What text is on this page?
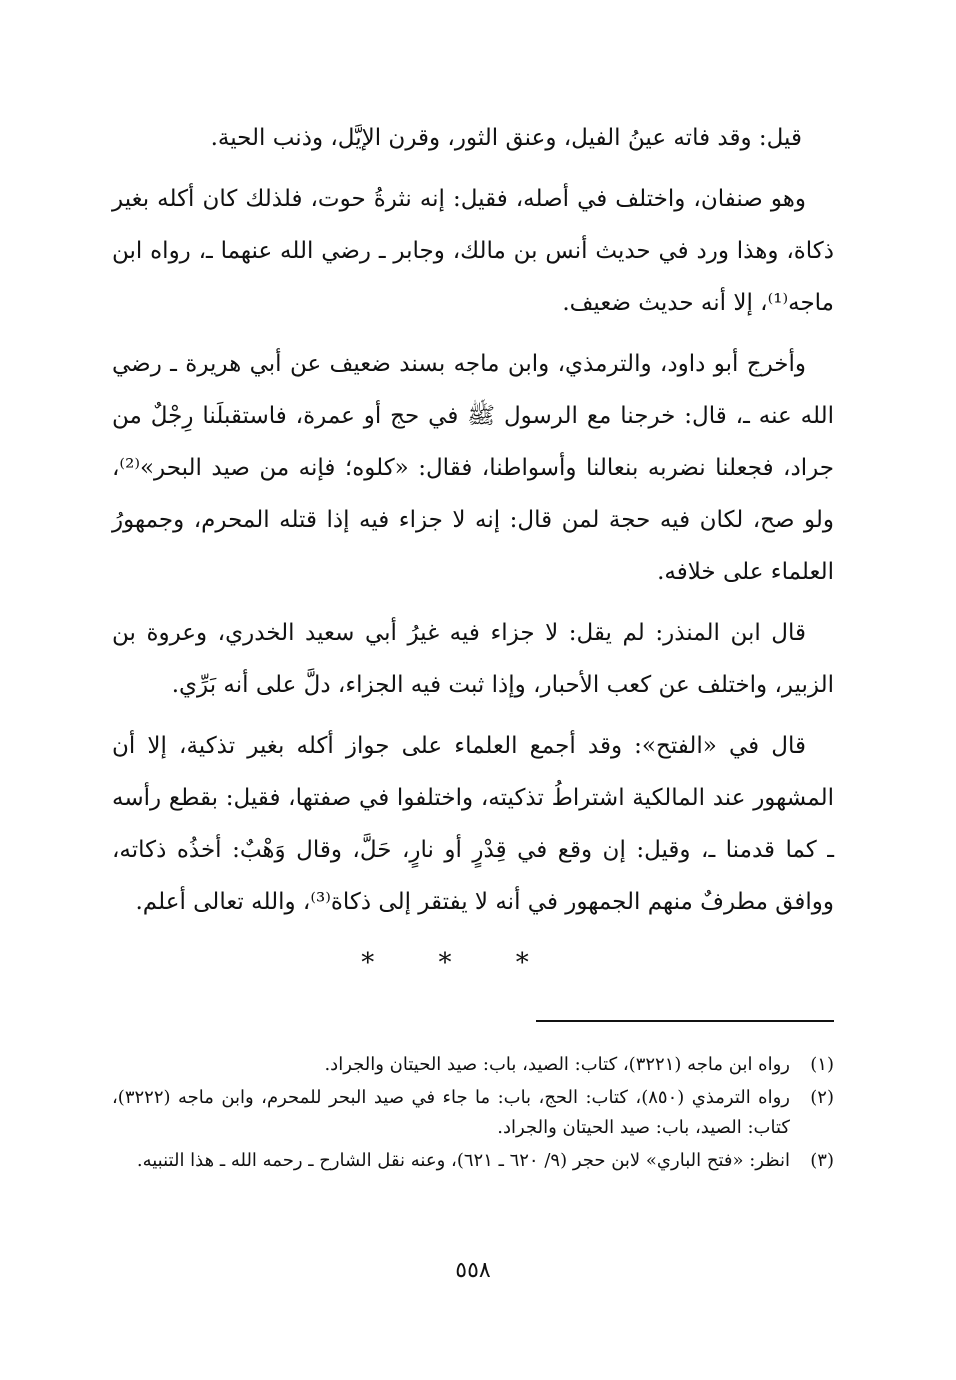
قيل: وقد فاته عينُ الفيل، وعنق الثور، وقرن الإيَّل، وذنب الحية.

وهو صنفان، واختلف في أصله، فقيل: إنه نثرةُ حوت، فلذلك كان أكله بغير ذكاة، وهذا ورد في حديث أنس بن مالك، وجابر ـ رضي الله عنهما ـ، رواه ابن ماجه⁽¹⁾، إلا أنه حديث ضعيف.

وأخرج أبو داود، والترمذي، وابن ماجه بسند ضعيف عن أبي هريرة ـ رضي الله عنه ـ، قال: خرجنا مع الرسول ﷺ في حج أو عمرة، فاستقبلَنا رِجْلٌ من جراد، فجعلنا نضربه بنعالنا وأسواطنا، فقال: «كلوه؛ فإنه من صيد البحر»⁽²⁾، ولو صح، لكان فيه حجة لمن قال: إنه لا جزاء فيه إذا قتله المحرم، وجمهورُ العلماء على خلافه.

قال ابن المنذر: لم يقل: لا جزاء فيه غيرُ أبي سعيد الخدري، وعروة بن الزبير، واختلف عن كعب الأحبار، وإذا ثبت فيه الجزاء، دلَّ على أنه بَرِّي.

قال في «الفتح»: وقد أجمع العلماء على جواز أكله بغير تذكية، إلا أن المشهور عند المالكية اشتراطُ تذكيته، واختلفوا في صفتها، فقيل: بقطع رأسه ـ كما قدمنا ـ، وقيل: إن وقع في قِدْرٍ أو نارٍ، حَلَّ، وقال وَهْبٌ: أخذُه ذكاته، ووافق مطرفٌ منهم الجمهور في أنه لا يفتقر إلى ذكاة⁽³⁾، والله تعالى أعلم.

* * *
(١)
رواه ابن ماجه (٣٢٢١)، كتاب: الصيد، باب: صيد الحيتان والجراد.
(٢)
رواه الترمذي (٨٥٠)، كتاب: الحج، باب: ما جاء في صيد البحر للمحرم، وابن ماجه (٣٢٢٢)، كتاب: الصيد، باب: صيد الحيتان والجراد.
(٣)
انظر: «فتح الباري» لابن حجر (٩/ ٦٢٠ ـ ٦٢١)، وعنه نقل الشارح ـ رحمه الله ـ هذا التنبيه.
٥٥٨
